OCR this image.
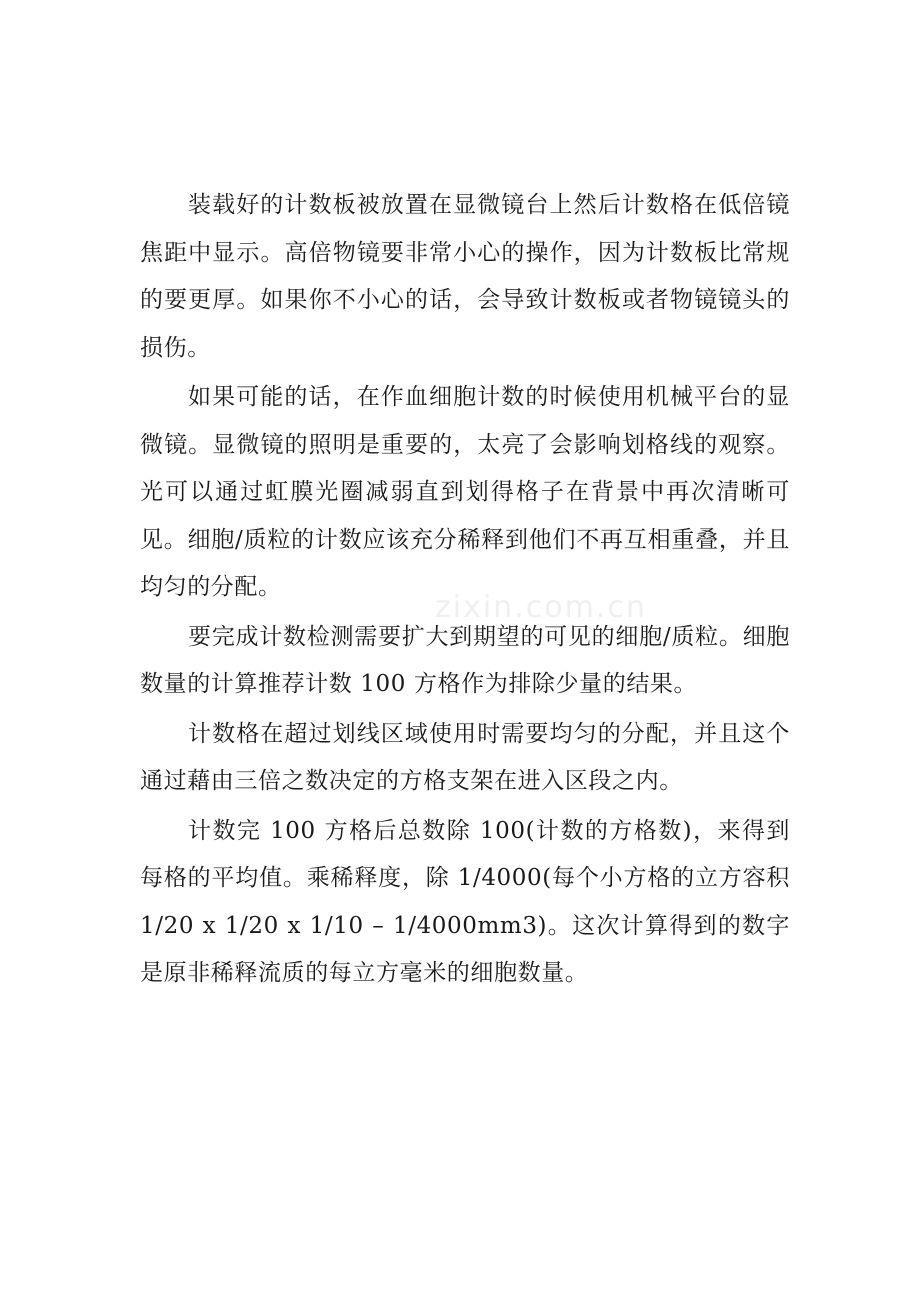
zixin.com.cn

装载好的计数板被放置在显微镜台上然后计数格在低倍镜焦距中显示。高倍物镜要非常小心的操作，因为计数板比常规的要更厚。如果你不小心的话，会导致计数板或者物镜镜头的损伤。

如果可能的话，在作血细胞计数的时候使用机械平台的显微镜。显微镜的照明是重要的，太亮了会影响划格线的观察。光可以通过虹膜光圈减弱直到划得格子在背景中再次清晰可见。细胞/质粒的计数应该充分稀释到他们不再互相重叠，并且均匀的分配。

要完成计数检测需要扩大到期望的可见的细胞/质粒。细胞数量的计算推荐计数 100 方格作为排除少量的结果。

计数格在超过划线区域使用时需要均匀的分配，并且这个通过藉由三倍之数决定的方格支架在进入区段之内。

计数完 100 方格后总数除 100(计数的方格数)，来得到每格的平均值。乘稀释度，除 1/4000(每个小方格的立方容积 1/20 x 1/20 x 1/10 – 1/4000mm3)。这次计算得到的数字是原非稀释流质的每立方毫米的细胞数量。
